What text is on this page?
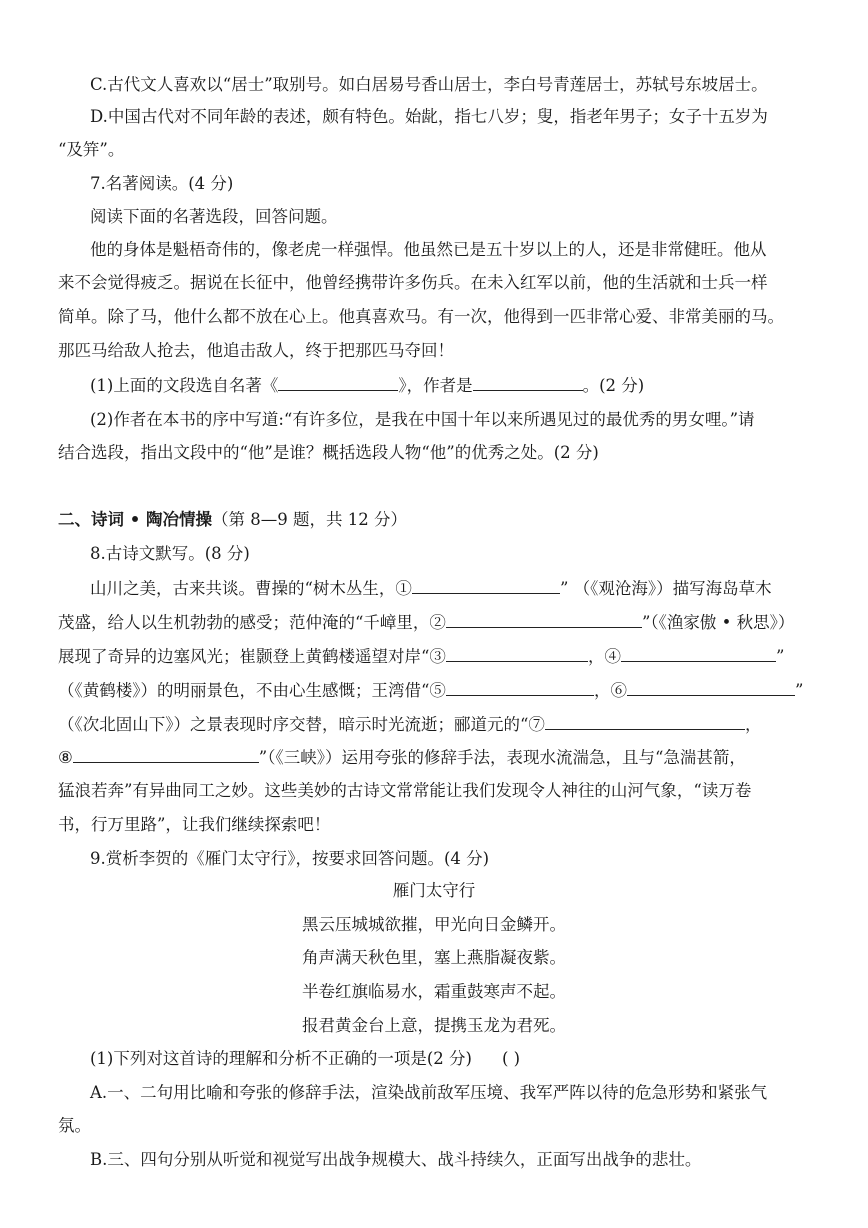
C.古代文人喜欢以“居士”取别号。如白居易号香山居士，李白号青莲居士，苏轼号东坡居士。
D.中国古代对不同年龄的表述，颇有特色。始龀，指七八岁；叟，指老年男子；女子十五岁为
“及笄”。
7.名著阅读。(4 分)
阅读下面的名著选段，回答问题。
他的身体是魁梧奇伟的，像老虎一样强悍。他虽然已是五十岁以上的人，还是非常健旺。他从
来不会觉得疲乏。据说在长征中，他曾经携带许多伤兵。在未入红军以前，他的生活就和士兵一样
简单。除了马，他什么都不放在心上。他真喜欢马。有一次，他得到一匹非常心爱、非常美丽的马。
那匹马给敌人抢去，他追击敌人，终于把那匹马夺回！
(1)上面的文段选自名著《	》，作者是	。(2 分)
(2)作者在本书的序中写道:“有许多位，是我在中国十年以来所遇见过的最优秀的男女哩。”请
结合选段，指出文段中的“他”是谁？概括选段人物“他”的优秀之处。(2 分)
二、诗词 • 陶冶情操（第 8—9 题，共 12 分）
8.古诗文默写。(8 分)
山川之美，古来共谈。曹操的“树木丛生，①	” （《观沧海》）描写海岛草木
茂盛，给人以生机勃勃的感受；范仲淹的“千嶂里，②	”（《渔家傲 • 秋思》）
展现了奇异的边塞风光；崔颢登上黄鹤楼遥望对岸“③	，④	”
（《黄鹤楼》）的明丽景色，不由心生感慨；王湾借“⑤	，⑥	”
（《次北固山下》）之景表现时序交替，暗示时光流逝；郦道元的“⑦	，
⑧	”（《三峡》）运用夸张的修辞手法，表现水流湍急，且与“急湍甚箭，
猛浪若奔”有异曲同工之妙。这些美妙的古诗文常常能让我们发现令人神往的山河气象，“读万卷
书，行万里路”，让我们继续探索吧！
9.赏析李贺的《雁门太守行》，按要求回答问题。(4 分)
雁门太守行
黑云压城城欲摧，甲光向日金鳞开。
角声满天秋色里，塞上燕脂凝夜紫。
半卷红旗临易水，霜重鼓寒声不起。
报君黄金台上意，提携玉龙为君死。
(1)下列对这首诗的理解和分析不正确的一项是(2 分) ( )
A.一、二句用比喻和夸张的修辞手法，渲染战前敌军压境、我军严阵以待的危急形势和紧张气
氛。
B.三、四句分别从听觉和视觉写出战争规模大、战斗持续久，正面写出战争的悲壮。
